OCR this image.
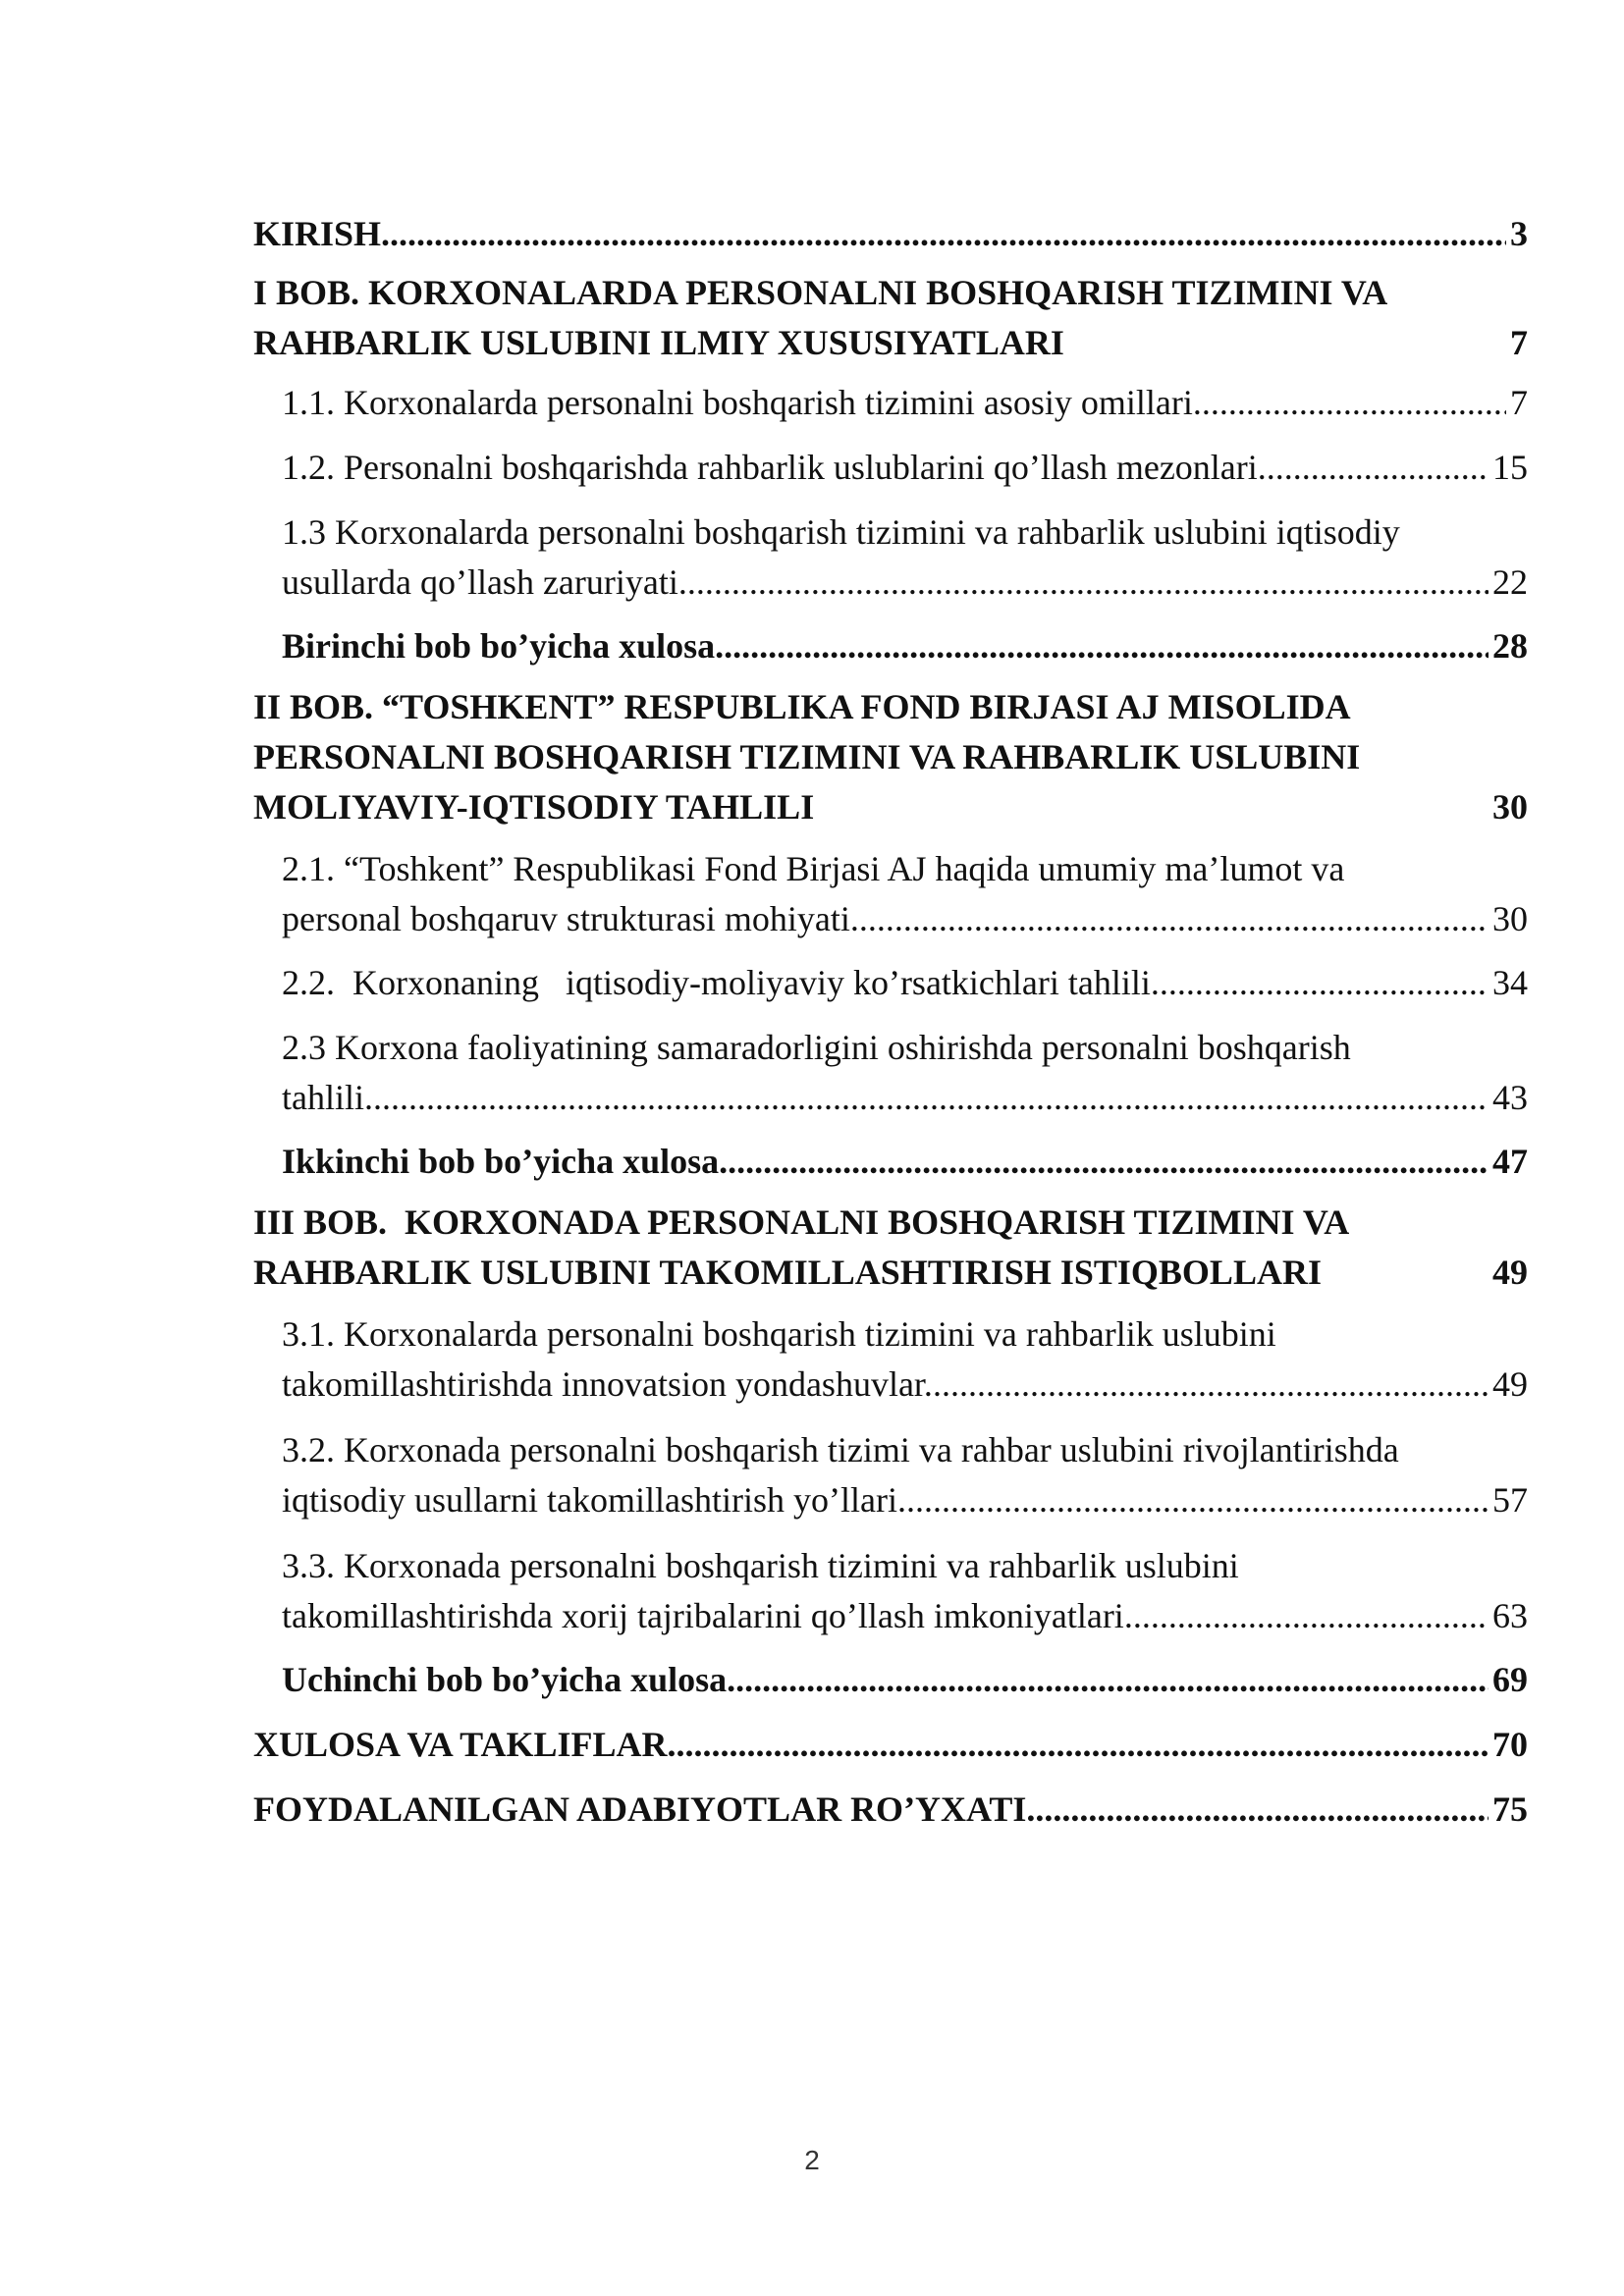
KIRISH .....	3
I BOB. KORXONALARDA PERSONALNI BOSHQARISH TIZIMINI VA
RAHBARLIK USLUBINI ILMIY XUSUSIYATLARI	7
1.1. Korxonalarda personalni boshqarish tizimini asosiy omillari .....	7
1.2. Personalni boshqarishda rahbarlik uslublarini qo’llash mezonlari .....	15
1.3 Korxonalarda personalni boshqarish tizimini va rahbarlik uslubini iqtisodiy
usullarda qo’llash zaruriyati .....	22
Birinchi bob bo’yicha xulosa .....	28
II BOB. “TOSHKENT” RESPUBLIKA FOND BIRJASI AJ MISOLIDA
PERSONALNI BOSHQARISH TIZIMINI VA RAHBARLIK USLUBINI
MOLIYAVIY-IQTISODIY TAHLILI	30
2.1. “Toshkent” Respublikasi Fond Birjasi AJ haqida umumiy ma’lumot va
personal boshqaruv strukturasi mohiyati .....	30
2.2.  Korxonaning   iqtisodiy-moliyaviy ko’rsatkichlari tahlili .....	34
2.3 Korxona faoliyatining samaradorligini oshirishda personalni boshqarish
tahlili .....	43
Ikkinchi bob bo’yicha xulosa .....	47
III BOB.  KORXONADA PERSONALNI BOSHQARISH TIZIMINI VA
RAHBARLIK USLUBINI TAKOMILLASHTIRISH ISTIQBOLLARI	49
3.1. Korxonalarda personalni boshqarish tizimini va rahbarlik uslubini
takomillashtirishda innovatsion yondashuvlar. .....	49
3.2. Korxonada personalni boshqarish tizimi va rahbar uslubini rivojlantirishda
iqtisodiy usullarni takomillashtirish yo’llari .....	57
3.3. Korxonada personalni boshqarish tizimini va rahbarlik uslubini
takomillashtirishda xorij tajribalarini qo’llash imkoniyatlari .....	63
Uchinchi bob bo’yicha xulosa .....	69
XULOSA VA TAKLIFLAR .....	70
FOYDALANILGAN ADABIYOTLAR RO’YXATI .....	75
2
